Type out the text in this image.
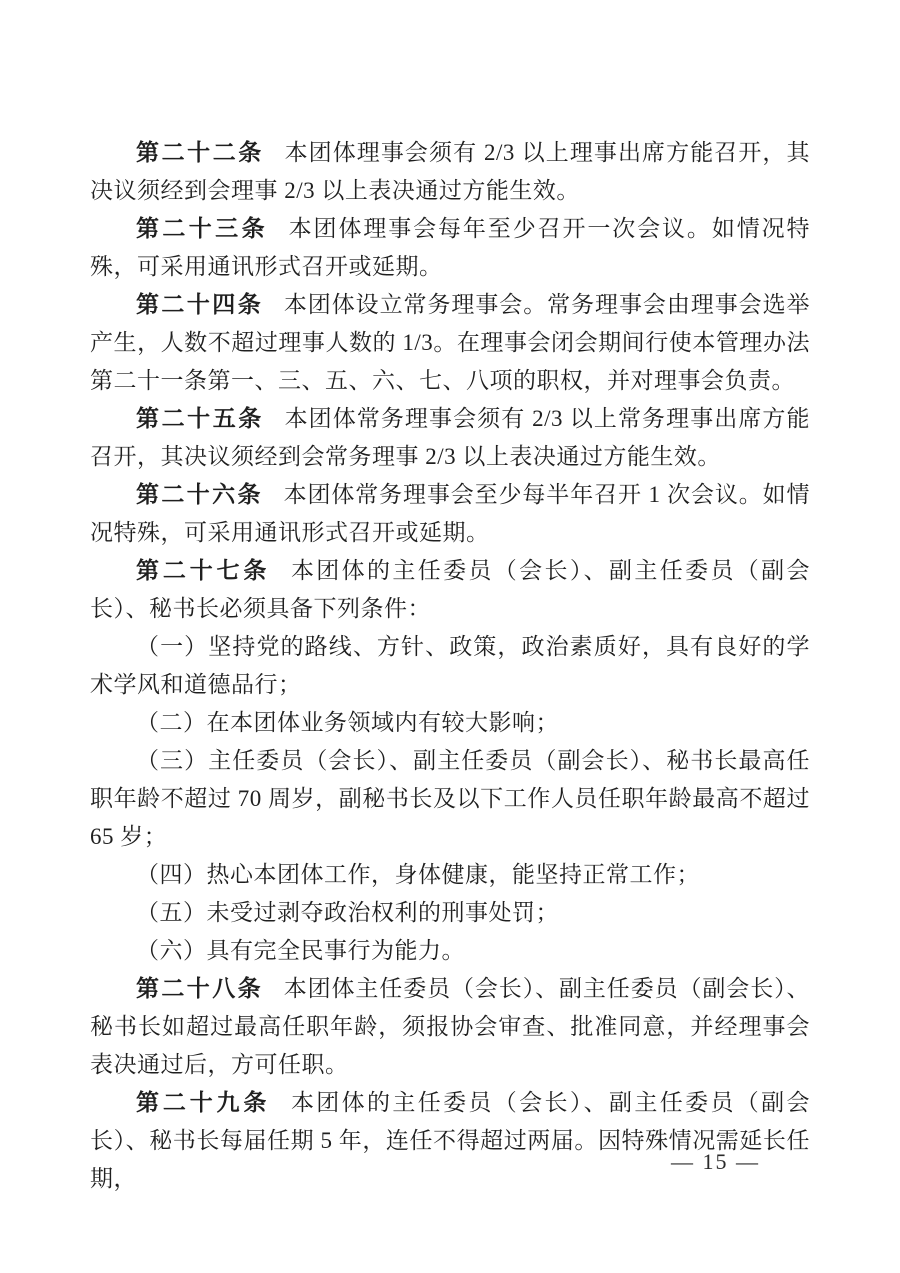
第二十二条 本团体理事会须有 2/3 以上理事出席方能召开，其决议须经到会理事 2/3 以上表决通过方能生效。

第二十三条 本团体理事会每年至少召开一次会议。如情况特殊，可采用通讯形式召开或延期。

第二十四条 本团体设立常务理事会。常务理事会由理事会选举产生，人数不超过理事人数的 1/3。在理事会闭会期间行使本管理办法第二十一条第一、三、五、六、七、八项的职权，并对理事会负责。

第二十五条 本团体常务理事会须有 2/3 以上常务理事出席方能召开，其决议须经到会常务理事 2/3 以上表决通过方能生效。

第二十六条 本团体常务理事会至少每半年召开 1 次会议。如情况特殊，可采用通讯形式召开或延期。

第二十七条 本团体的主任委员（会长）、副主任委员（副会长）、秘书长必须具备下列条件：

（一）坚持党的路线、方针、政策，政治素质好，具有良好的学术学风和道德品行；

（二）在本团体业务领域内有较大影响；

（三）主任委员（会长）、副主任委员（副会长）、秘书长最高任职年龄不超过 70 周岁，副秘书长及以下工作人员任职年龄最高不超过 65 岁；

（四）热心本团体工作，身体健康，能坚持正常工作；

（五）未受过剥夺政治权利的刑事处罚；

（六）具有完全民事行为能力。

第二十八条 本团体主任委员（会长）、副主任委员（副会长）、秘书长如超过最高任职年龄，须报协会审查、批准同意，并经理事会表决通过后，方可任职。

第二十九条 本团体的主任委员（会长）、副主任委员（副会长）、秘书长每届任期 5 年，连任不得超过两届。因特殊情况需延长任期，

— 15 —
